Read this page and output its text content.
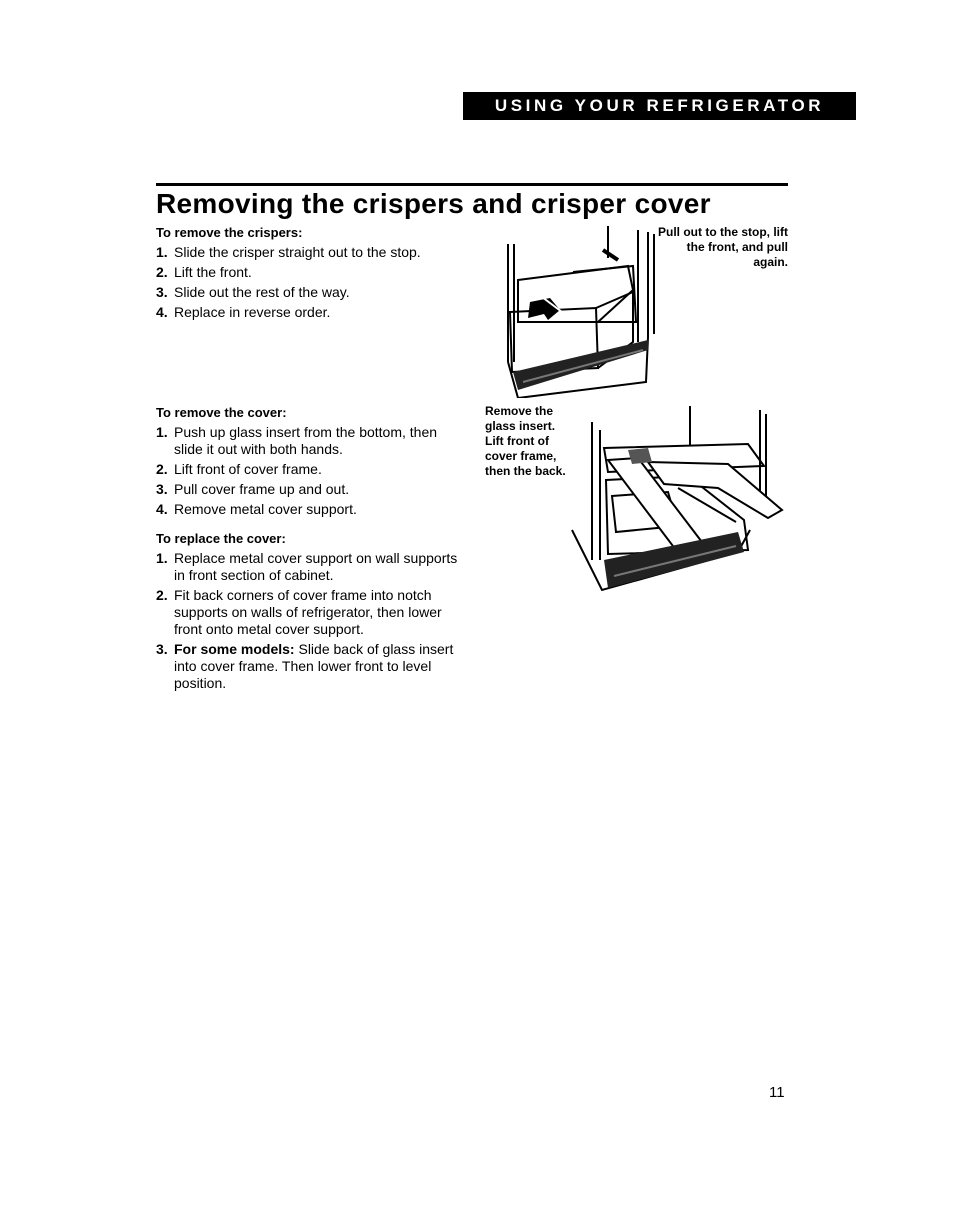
USING YOUR REFRIGERATOR
Removing the crispers and crisper cover
To remove the crispers:
1. Slide the crisper straight out to the stop.
2. Lift the front.
3. Slide out the rest of the way.
4. Replace in reverse order.
To remove the cover:
1. Push up glass insert from the bottom, then slide it out with both hands.
2. Lift front of cover frame.
3. Pull cover frame up and out.
4. Remove metal cover support.
To replace the cover:
1. Replace metal cover support on wall supports in front section of cabinet.
2. Fit back corners of cover frame into notch supports on walls of refrigerator, then lower front onto metal cover support.
3. For some models: Slide back of glass insert into cover frame. Then lower front to level position.
Pull out to the stop, lift the front, and pull again.
Remove the glass insert. Lift front of cover frame, then the back.
11
